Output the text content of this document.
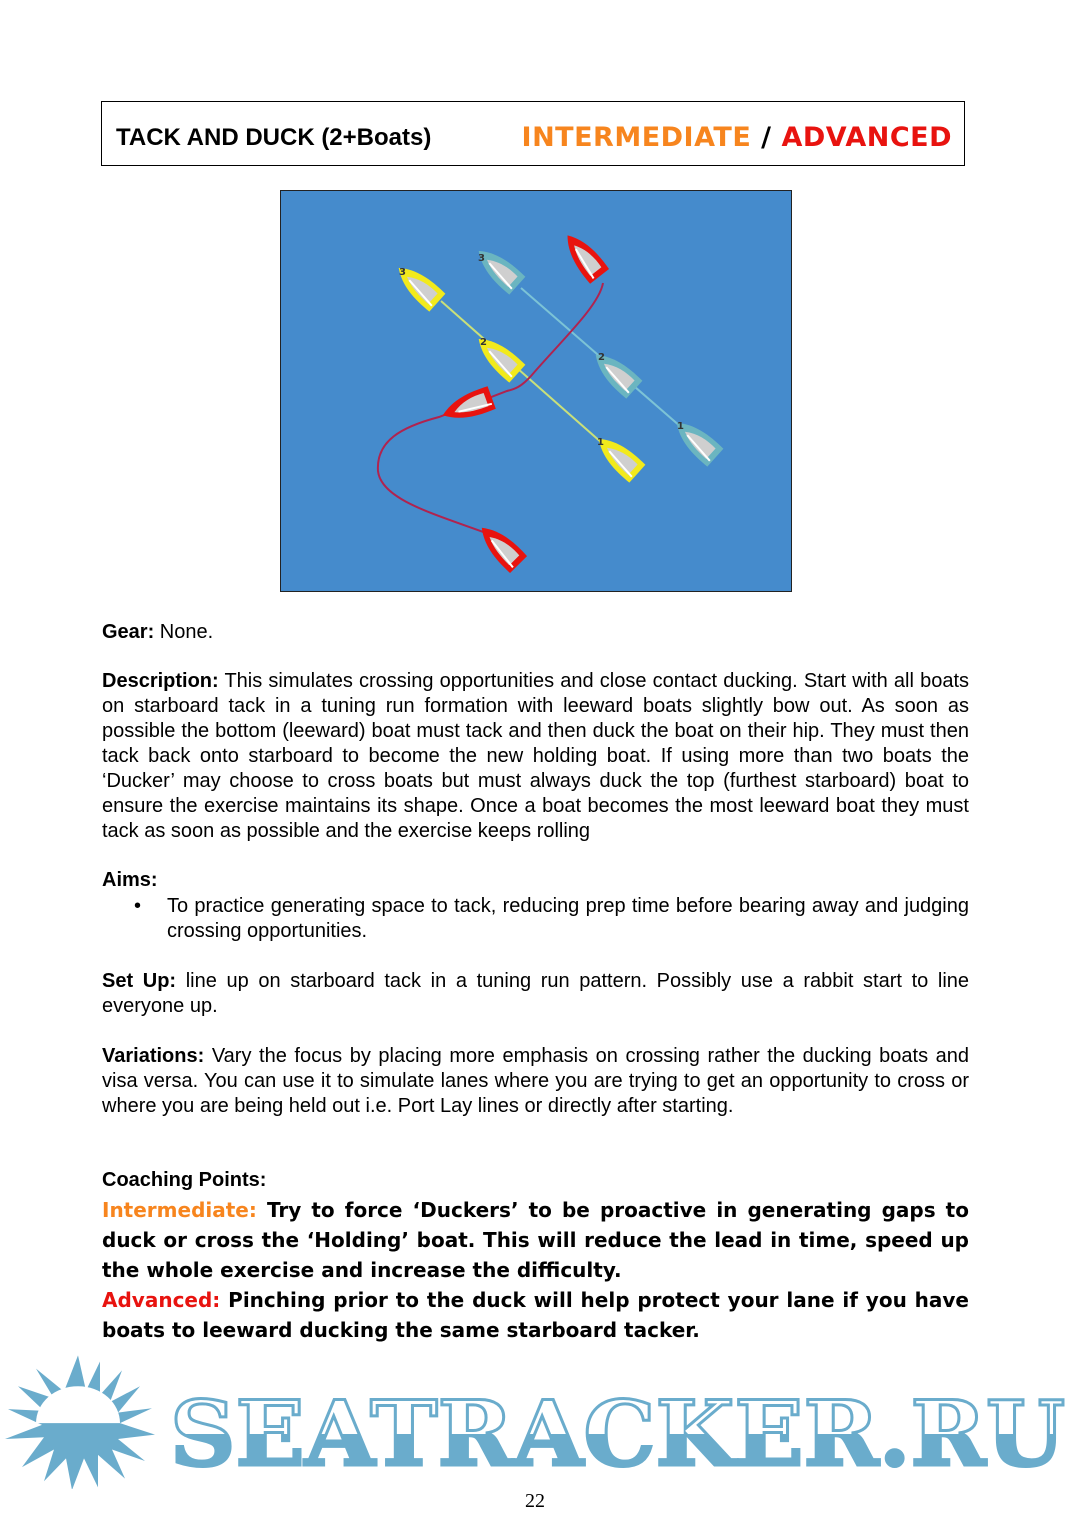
TACK AND DUCK (2+Boats)	INTERMEDIATE / ADVANCED
3
2
1
3
2
1
Gear: None.
Description: This simulates crossing opportunities and close contact ducking. Start with all boats on starboard tack in a tuning run formation with leeward boats slightly bow out. As soon as possible the bottom (leeward) boat must tack and then duck the boat on their hip. They must then tack back onto starboard to become the new holding boat. If using more than two boats the ‘Ducker’ may choose to cross boats but must always duck the top (furthest starboard) boat to ensure the exercise maintains its shape. Once a boat becomes the most leeward boat they must tack as soon as possible and the exercise keeps rolling
Aims:
• To practice generating space to tack, reducing prep time before bearing away and judging crossing opportunities.
Set Up: line up on starboard tack in a tuning run pattern. Possibly use a rabbit start to line everyone up.
Variations: Vary the focus by placing more emphasis on crossing rather the ducking boats and visa versa. You can use it to simulate lanes where you are trying to get an opportunity to cross or where you are being held out i.e. Port Lay lines or directly after starting.
Coaching Points:
Intermediate: Try to force ‘Duckers’ to be proactive in generating gaps to duck or cross the ‘Holding’ boat. This will reduce the lead in time, speed up the whole exercise and increase the difficulty.
Advanced: Pinching prior to the duck will help protect your lane if you have boats to leeward ducking the same starboard tacker.
SEATRACKER.RU
22
